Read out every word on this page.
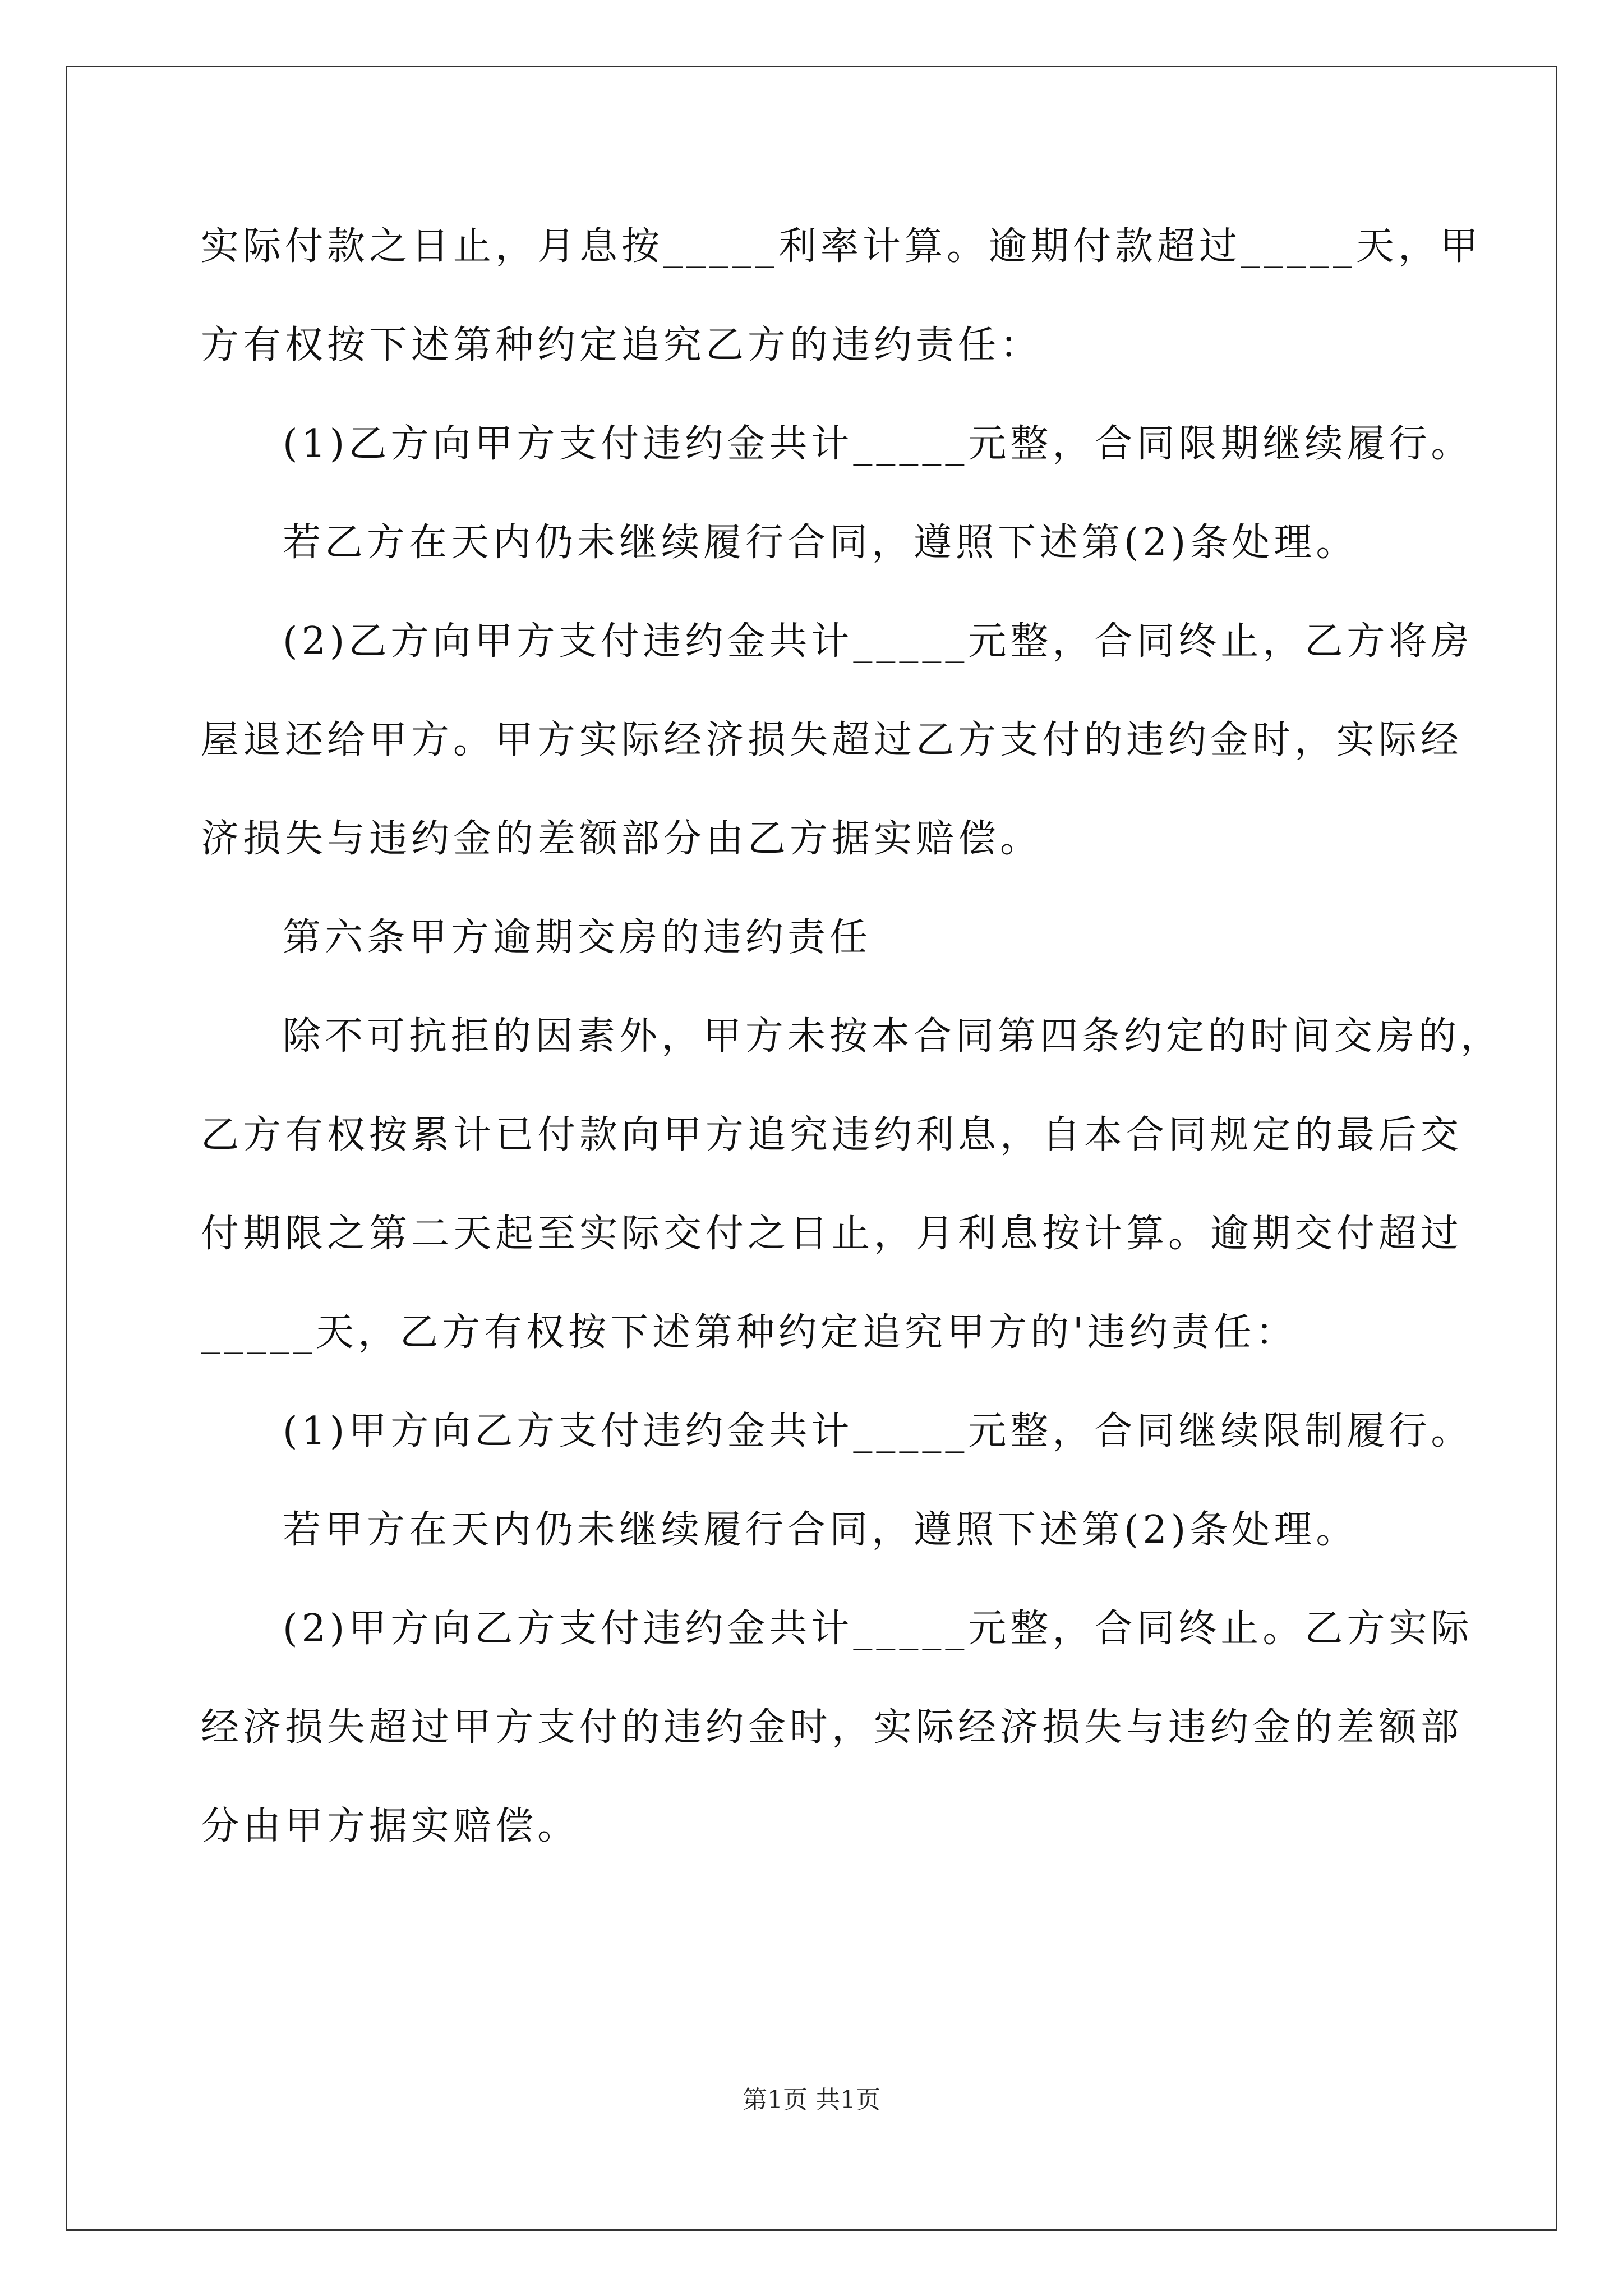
实际付款之日止，月息按_____利率计算。逾期付款超过_____天，甲
方有权按下述第种约定追究乙方的违约责任：
(1)乙方向甲方支付违约金共计_____元整，合同限期继续履行。
若乙方在天内仍未继续履行合同，遵照下述第(2)条处理。
(2)乙方向甲方支付违约金共计_____元整，合同终止，乙方将房
屋退还给甲方。甲方实际经济损失超过乙方支付的违约金时，实际经
济损失与违约金的差额部分由乙方据实赔偿。
第六条甲方逾期交房的违约责任
除不可抗拒的因素外，甲方未按本合同第四条约定的时间交房的，
乙方有权按累计已付款向甲方追究违约利息，自本合同规定的最后交
付期限之第二天起至实际交付之日止，月利息按计算。逾期交付超过
_____天，乙方有权按下述第种约定追究甲方的'违约责任：
(1)甲方向乙方支付违约金共计_____元整，合同继续限制履行。
若甲方在天内仍未继续履行合同，遵照下述第(2)条处理。
(2)甲方向乙方支付违约金共计_____元整，合同终止。乙方实际
经济损失超过甲方支付的违约金时，实际经济损失与违约金的差额部
分由甲方据实赔偿。
第1页 共1页
